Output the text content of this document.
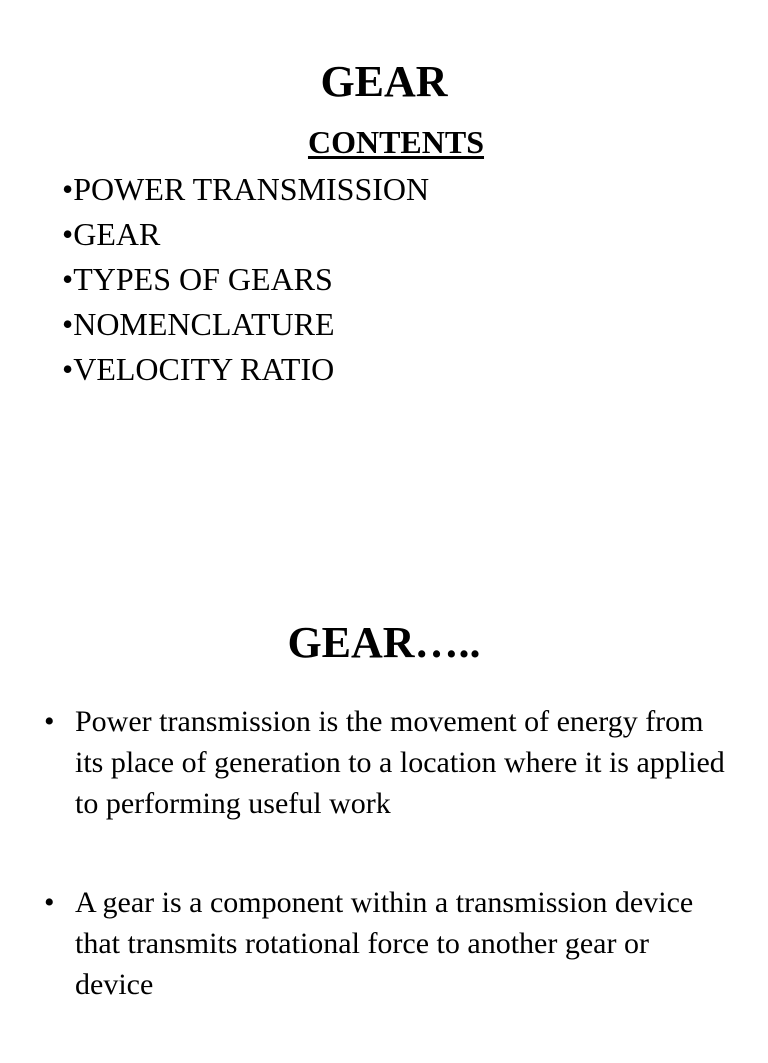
GEAR
CONTENTS
•POWER TRANSMISSION
•GEAR
•TYPES OF GEARS
•NOMENCLATURE
•VELOCITY RATIO
GEAR…..
• Power transmission is the movement of energy from its place of generation to a location where it is applied to performing useful work
• A gear is a component within a transmission device that transmits rotational force to another gear or device
